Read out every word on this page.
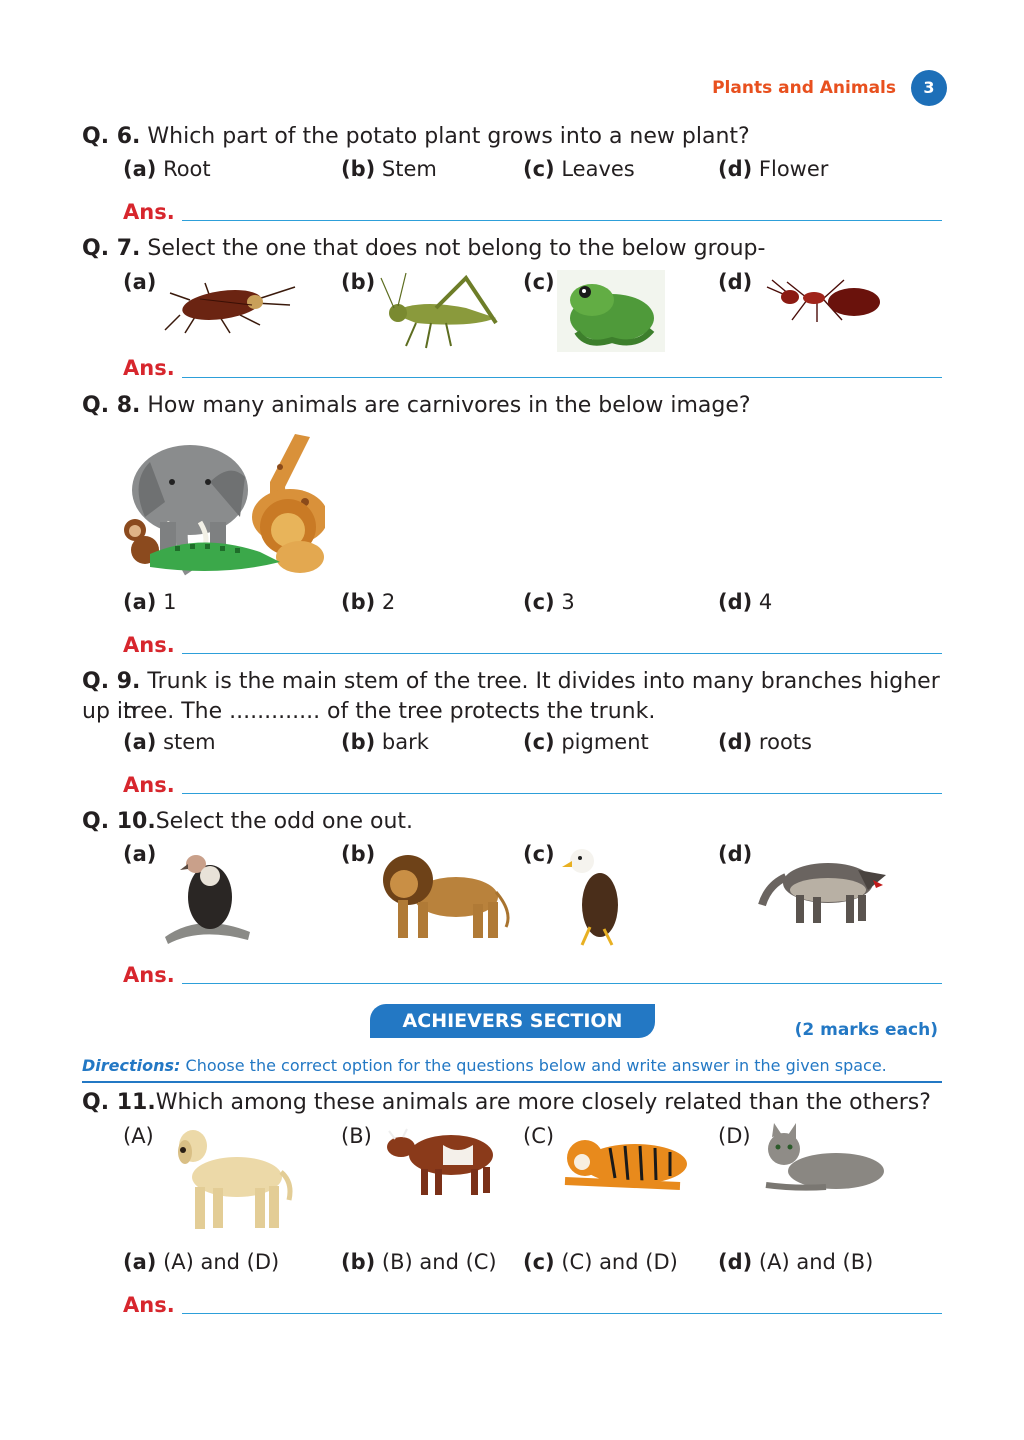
Plants and Animals	3
Q. 6. Which part of the potato plant grows into a new plant?
(a) Root	(b) Stem	(c) Leaves	(d) Flower
Ans.
Q. 7. Select the one that does not belong to the below group-
(a)	(b)	(c)	(d)
Ans.
Q. 8. How many animals are carnivores in the below image?
(a) 1	(b) 2	(c) 3	(d) 4
Ans.
Q. 9. Trunk is the main stem of the tree. It divides into many branches higher up in
tree. The ............. of the tree protects the trunk.
(a) stem	(b) bark	(c) pigment	(d) roots
Ans.
Q. 10.Select the odd one out.
(a)	(b)	(c)	(d)
Ans.
ACHIEVERS SECTION	(2 marks each)
Directions: Choose the correct option for the questions below and write answer in the given space.
Q. 11.Which among these animals are more closely related than the others?
(A)	(B)	(C)	(D)
(a) (A) and (D)	(b) (B) and (C) (c) (C) and (D) (d) (A) and (B)
Ans.
